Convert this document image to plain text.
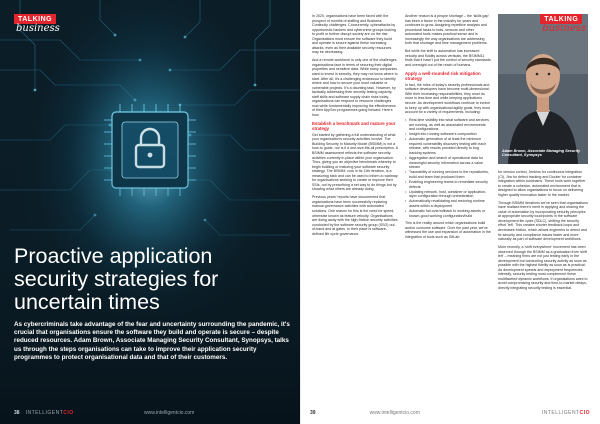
TALKING
business
Proactive application security strategies for uncertain times

As cybercriminals take advantage of the fear and uncertainty surrounding the pandemic, it's crucial that organisations ensure the software they build and operate is secure – despite reduced resources. Adam Brown, Associate Managing Security Consultant, Synopsys, talks us through the steps organisations can take to improve their application security programmes to protect organisational data and that of their customers.

38 INTELLIGENTCIO	www.intelligentcio.com

In 2020, organisations have been faced with the prospect of months of staffing and Business Continuity challenges. Concurrently, cyberattacks by opportunistic hackers and cybercrime groups looking to profit or further disrupt society are on the rise. Organisations must ensure the software they build and operate is secure against these increasing attacks, even as their available security resources may be decreasing.

And a remote workforce is only one of the challenges organisations face in terms of securing their digital properties and sensitive data. While many companies want to invest in security, they may not know where to start. After all, it's a challenging endeavour to identify where and how to secure your most valuable or vulnerable projects. It's a daunting task. However, by tactically addressing their security testing capacity, staff skills and software supply chain risks today, organisations can respond to resource challenges now while fundamentally improving the effectiveness of their AppSec programmes going forward. Here's how.

Establish a benchmark and mature your strategy

Get started by gathering a full understanding of what your organisation's security activities involve. The Building Security In Maturity Model (BSIMM) is not a how-to guide, nor is it a one-size-fits-all prescription. A BSIMM assessment reflects the software security activities currently in place within your organisation. Thus, giving you an objective benchmark whereby to begin building or maturing your software security strategy. The BSIMM, now in its 11th iteration, is a measuring stick and can be used to inform a roadmap for organisations seeking to create or improve their SSIs, not by prescribing a set way to do things but by showing what others are already doing.

Previous years' reports have documented that organisations have been successfully replacing manual governance activities with automated solutions. One reason for this is the need for speed, otherwise known as feature velocity. Organisations are doing away with the high-friction security activities conducted by the software security group (SSG) out-of-band and at gates. In their place is software-defined life cycle governance.

Another reason is a people shortage – the 'skills gap' has been a factor in the industry for years and continues to grow. Assigning repetitive analysis and procedural tasks to bots, sensors and other automated tools makes practical sense and is increasingly the way organisations are addressing both that shortage and time management problems.

But while the shift to automation has increased velocity and fluidity across verticals, the BSIMM11 finds that it hasn't put the control of security standards and oversight out of the reach of humans.

Apply a well-rounded risk mitigation strategy

In fact, the roles of today's security professionals and software developers have become multi-dimensional. With their increasing responsibilities, they must do more in less time and while keeping applications secure. As development workflows continue to evolve to keep up with organisational agility goals, they must account for a variety of requirements, including:

• Real-time visibility into what software and services are running, as well as associated environments and configurations
• Insight into running software's composition
• Automatic generation of at least the minimum required vulnerability discovery testing with each release, with results provided directly to bug tracking systems
• Aggregation and search of operational data for meaningful security information across a value stream
• Traceability of running services to the repositories, build and team that produced them
• Enabling engineering teams to remediate security defects
• Updating network, host, container or application-layer configuration through orchestration
• Automatically revalidating and restoring runtime assets within a deployment
• Automatic fail-over/rollback to working assets or known-good working configuration/build

This is the reality around which organisations build and/or consume software. Over the past year, we've witnessed the use and expansion of automation in the integration of tools such as GitLab

Adam Brown, Associate Managing Security Consultant, Synopsys
TALKING
business

for version control, Jenkins for continuous integration (CI), Jira for defect tracking and Docker for container integration within toolchains. These tools work together to create a cohesive, automated environment that is designed to allow organisations to focus on delivering higher quality innovation faster to the market.

Through BSIMM iterations we've seen that organisations have realised there's merit in applying and sharing the value of automation by incorporating security principles at appropriate security touchpoints in the software development life cycle (SDLC), shifting the security effort 'left'. This creates shorter feedback loops and decreases friction, which allows engineers to detect and fix security and compliance issues faster and more naturally as part of software development workflows.

More recently, a 'shift everywhere' movement has been observed through the BSIMM as a graduation from 'shift left' – meaning firms are not just testing early in the development but conducting security activity as soon as possible with the highest fidelity as soon as is practical. As development speeds and deployment frequencies intensify, security testing must complement these multifaceted dynamic workflows. If organisations want to avoid compromising security and time-to-market delays, directly integrating security testing is essential.

39	www.intelligentcio.com	INTELLIGENTCIO
